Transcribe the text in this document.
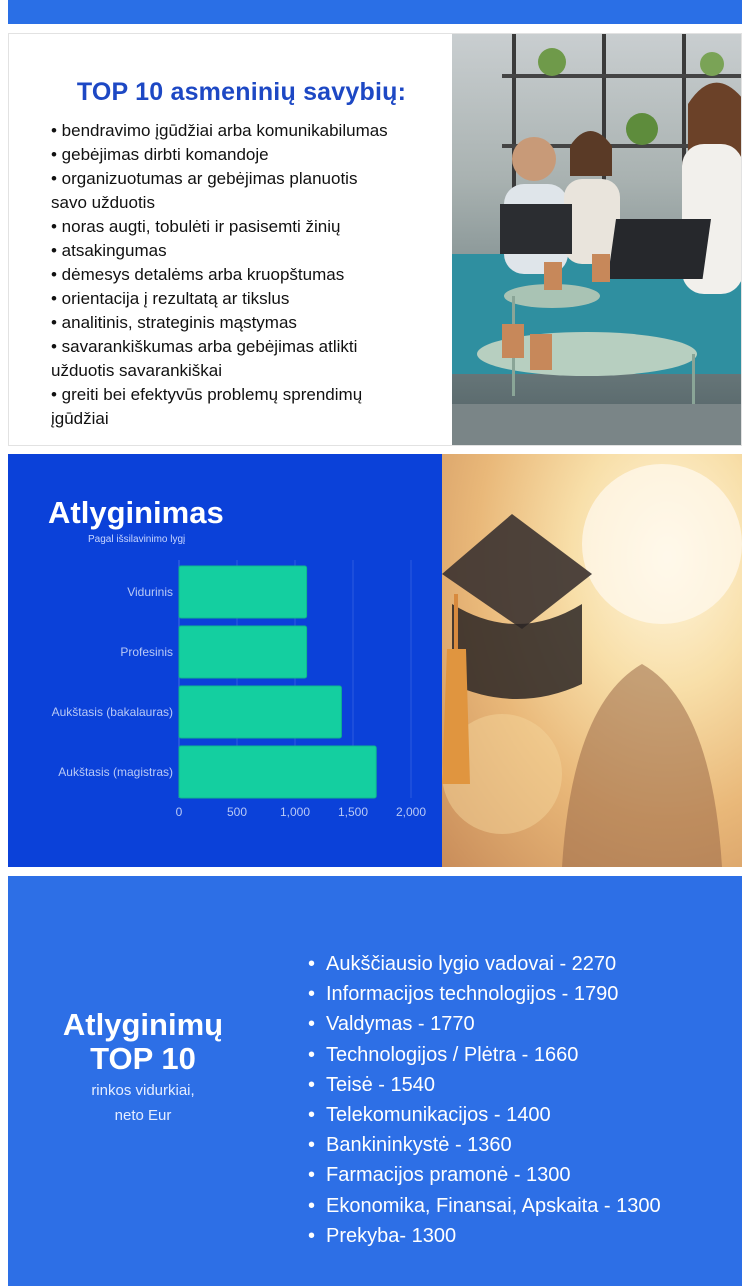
TOP 10 asmeninių savybių:
• bendravimo įgūdžiai arba komunikabilumas
• gebėjimas dirbti komandoje
• organizuotumas ar gebėjimas planuotis
savo užduotis
• noras augti, tobulėti ir pasisemti žinių
• atsakingumas
• dėmesys detalėms arba kruopštumas
• orientacija į rezultatą ar tikslus
• analitinis, strateginis mąstymas
• savarankiškumas arba gebėjimas atlikti
užduotis savarankiškai
• greiti bei efektyvūs problemų sprendimų
įgūdžiai
Atlyginimas
Pagal išsilavinimo lygį
0	500	1,000 1,500 2,000
Vidurinis
Profesinis
Aukštasis (bakalauras)
Aukštasis (magistras)
Atlyginimų
TOP 10
rinkos vidurkiai,
neto Eur
• Aukščiausio lygio vadovai - 2270
• Informacijos technologijos - 1790
• Valdymas - 1770
• Technologijos / Plėtra - 1660
• Teisė - 1540
• Telekomunikacijos - 1400
• Bankininkystė - 1360
• Farmacijos pramonė - 1300
• Ekonomika, Finansai, Apskaita - 1300
• Prekyba- 1300
